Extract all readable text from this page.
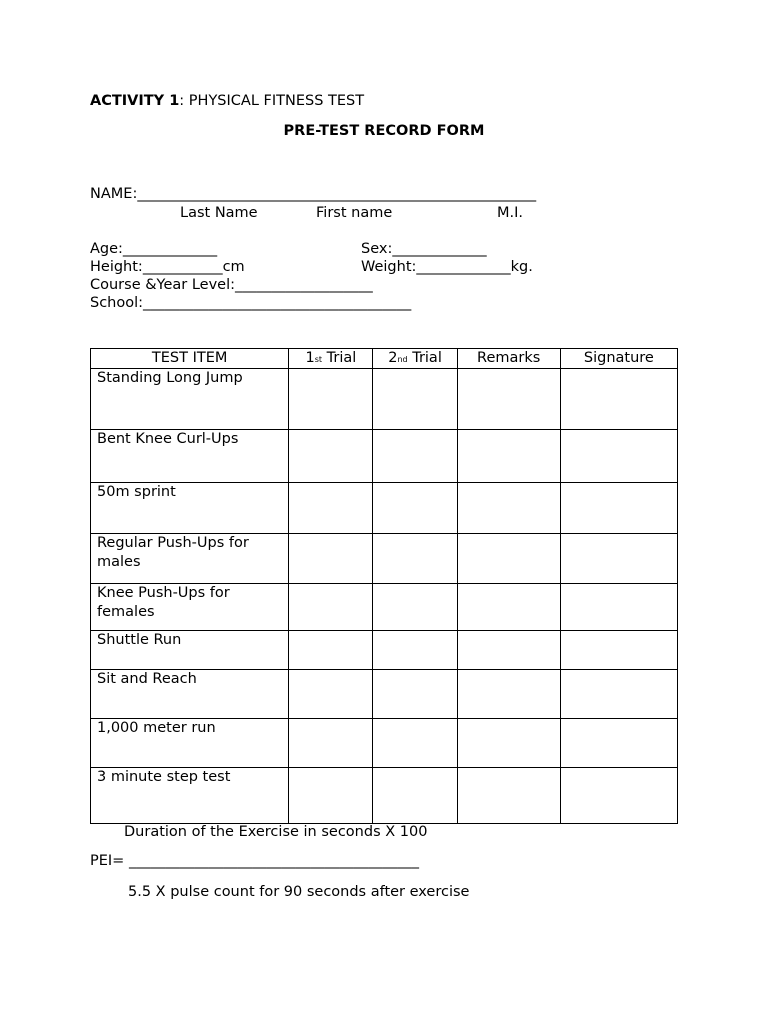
ACTIVITY 1: PHYSICAL FITNESS TEST
PRE-TEST RECORD FORM
NAME:_______________________________________________________
Last Name	First name	M.I.
Age:_____________	Sex:_____________
Height:___________cm	Weight:_____________kg.
Course &Year Level:___________________
School:_____________________________________
TEST ITEM	1st Trial	2nd Trial	Remarks	Signature
Standing Long Jump				
Bent Knee Curl-Ups				
50m sprint				
Regular Push-Ups for males				
Knee Push-Ups for females				
Shuttle Run				
Sit and Reach				
1,000 meter run				
3 minute step test				
Duration of the Exercise in seconds X 100
PEI= ________________________________________
5.5 X pulse count for 90 seconds after exercise
